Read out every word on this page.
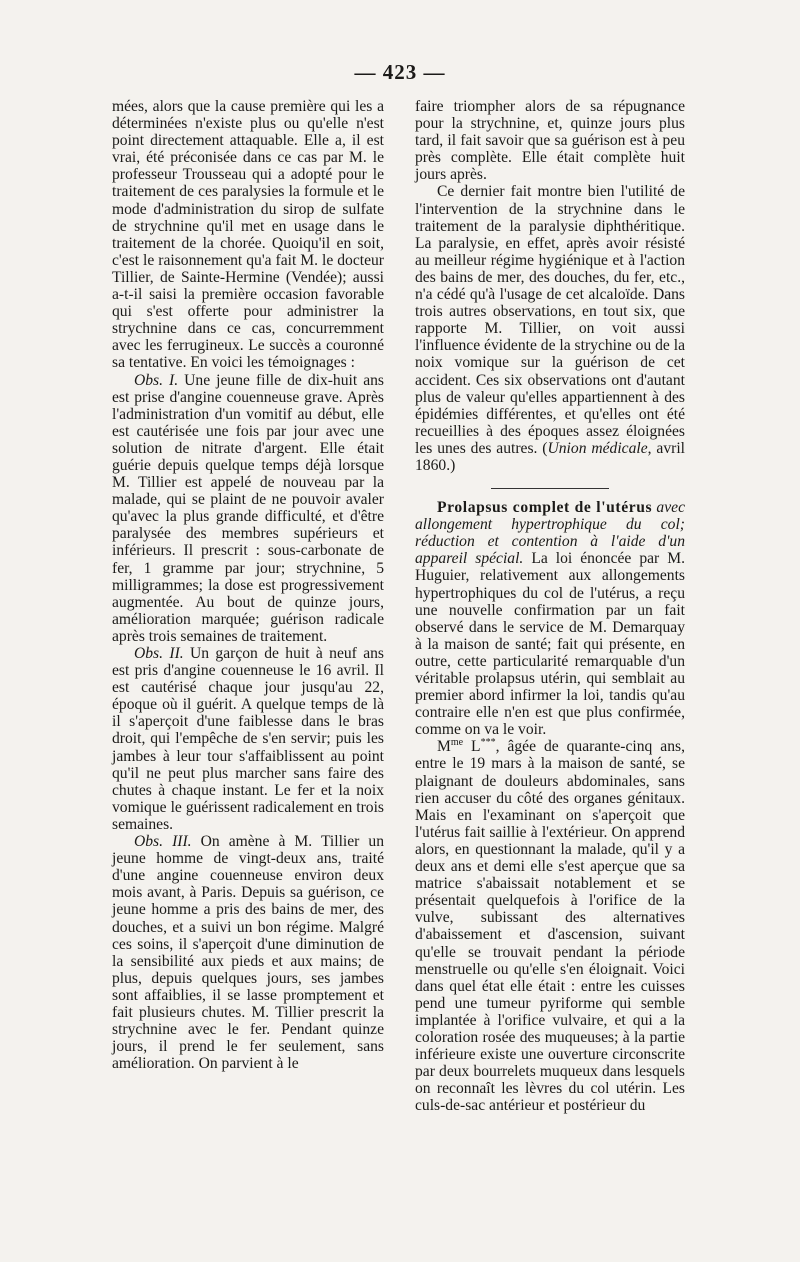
— 423 —

mées, alors que la cause première qui les a déterminées n'existe plus ou qu'elle n'est point directement attaquable. Elle a, il est vrai, été préconisée dans ce cas par M. le professeur Trousseau qui a adopté pour le traitement de ces paralysies la formule et le mode d'administration du sirop de sulfate de strychnine qu'il met en usage dans le traitement de la chorée. Quoiqu'il en soit, c'est le raisonnement qu'a fait M. le docteur Tillier, de Sainte-Hermine (Vendée); aussi a-t-il saisi la première occasion favorable qui s'est offerte pour administrer la strychnine dans ce cas, concurremment avec les ferrugineux. Le succès a couronné sa tentative. En voici les témoignages :

Obs. I. Une jeune fille de dix-huit ans est prise d'angine couenneuse grave. Après l'administration d'un vomitif au début, elle est cautérisée une fois par jour avec une solution de nitrate d'argent. Elle était guérie depuis quelque temps déjà lorsque M. Tillier est appelé de nouveau par la malade, qui se plaint de ne pouvoir avaler qu'avec la plus grande difficulté, et d'être paralysée des membres supérieurs et inférieurs. Il prescrit : sous-carbonate de fer, 1 gramme par jour; strychnine, 5 milligrammes; la dose est progressivement augmentée. Au bout de quinze jours, amélioration marquée; guérison radicale après trois semaines de traitement.

Obs. II. Un garçon de huit à neuf ans est pris d'angine couenneuse le 16 avril. Il est cautérisé chaque jour jusqu'au 22, époque où il guérit. A quelque temps de là il s'aperçoit d'une faiblesse dans le bras droit, qui l'empêche de s'en servir; puis les jambes à leur tour s'affaiblissent au point qu'il ne peut plus marcher sans faire des chutes à chaque instant. Le fer et la noix vomique le guérissent radicalement en trois semaines.

Obs. III. On amène à M. Tillier un jeune homme de vingt-deux ans, traité d'une angine couenneuse environ deux mois avant, à Paris. Depuis sa guérison, ce jeune homme a pris des bains de mer, des douches, et a suivi un bon régime. Malgré ces soins, il s'aperçoit d'une diminution de la sensibilité aux pieds et aux mains; de plus, depuis quelques jours, ses jambes sont affaiblies, il se lasse promptement et fait plusieurs chutes. M. Tillier prescrit la strychnine avec le fer. Pendant quinze jours, il prend le fer seulement, sans amélioration. On parvient à le

faire triompher alors de sa répugnance pour la strychnine, et, quinze jours plus tard, il fait savoir que sa guérison est à peu près complète. Elle était complète huit jours après.

Ce dernier fait montre bien l'utilité de l'intervention de la strychnine dans le traitement de la paralysie diphthéritique. La paralysie, en effet, après avoir résisté au meilleur régime hygiénique et à l'action des bains de mer, des douches, du fer, etc., n'a cédé qu'à l'usage de cet alcaloïde. Dans trois autres observations, en tout six, que rapporte M. Tillier, on voit aussi l'influence évidente de la strychine ou de la noix vomique sur la guérison de cet accident. Ces six observations ont d'autant plus de valeur qu'elles appartiennent à des épidémies différentes, et qu'elles ont été recueillies à des époques assez éloignées les unes des autres. (Union médicale, avril 1860.)

Prolapsus complet de l'utérus avec allongement hypertrophique du col; réduction et contention à l'aide d'un appareil spécial. La loi énoncée par M. Huguier, relativement aux allongements hypertrophiques du col de l'utérus, a reçu une nouvelle confirmation par un fait observé dans le service de M. Demarquay à la maison de santé; fait qui présente, en outre, cette particularité remarquable d'un véritable prolapsus utérin, qui semblait au premier abord infirmer la loi, tandis qu'au contraire elle n'en est que plus confirmée, comme on va le voir.

$M^{me}$ L***, âgée de quarante-cinq ans, entre le 19 mars à la maison de santé, se plaignant de douleurs abdominales, sans rien accuser du côté des organes génitaux. Mais en l'examinant on s'aperçoit que l'utérus fait saillie à l'extérieur. On apprend alors, en questionnant la malade, qu'il y a deux ans et demi elle s'est aperçue que sa matrice s'abaissait notablement et se présentait quelquefois à l'orifice de la vulve, subissant des alternatives d'abaissement et d'ascension, suivant qu'elle se trouvait pendant la période menstruelle ou qu'elle s'en éloignait. Voici dans quel état elle était : entre les cuisses pend une tumeur pyriforme qui semble implantée à l'orifice vulvaire, et qui a la coloration rosée des muqueuses; à la partie inférieure existe une ouverture circonscrite par deux bourrelets muqueux dans lesquels on reconnaît les lèvres du col utérin. Les culs-de-sac antérieur et postérieur du
